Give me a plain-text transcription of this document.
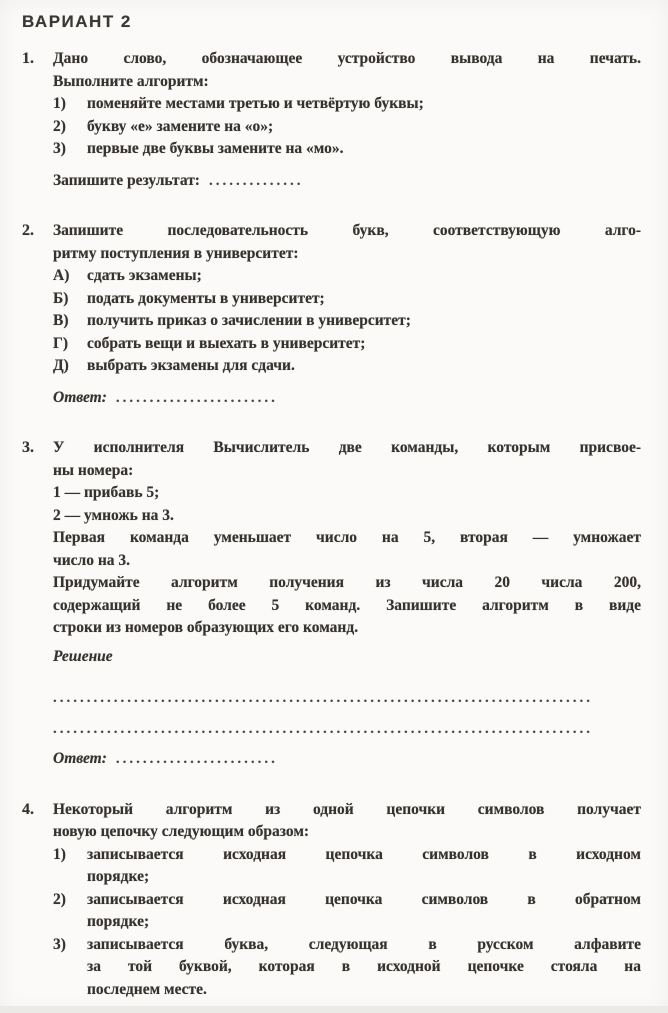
ВАРИАНТ 2
1.	Дано слово, обозначающее устройство вывода на печать.
Выполните алгоритм:
1)	поменяйте местами третью и четвёртую буквы;
2)	букву «е» замените на «о»;
3)	первые две буквы замените на «мо».
Запишите результат: ..............
2.	Запишите последовательность букв, соответствующую алго-
ритму поступления в университет:
А)	сдать экзамены;
Б)	подать документы в университет;
В)	получить приказ о зачислении в университет;
Г)	собрать вещи и выехать в университет;
Д)	выбрать экзамены для сдачи.
Ответ: ........................
3.	У исполнителя Вычислитель две команды, которым присвое-
ны номера:
1 — прибавь 5;
2 — умножь на 3.
Первая команда уменьшает число на 5, вторая — умножает
число на 3.
Придумайте алгоритм получения из числа 20 числа 200,
содержащий не более 5 команд. Запишите алгоритм в виде
строки из номеров образующих его команд.
Решение
................................................................................
................................................................................
Ответ: ........................
4.	Некоторый алгоритм из одной цепочки символов получает
новую цепочку следующим образом:
1)	записывается исходная цепочка символов в исходном
порядке;
2)	записывается исходная цепочка символов в обратном
порядке;
3)	записывается буква, следующая в русском алфавите
за той буквой, которая в исходной цепочке стояла на
последнем месте.
